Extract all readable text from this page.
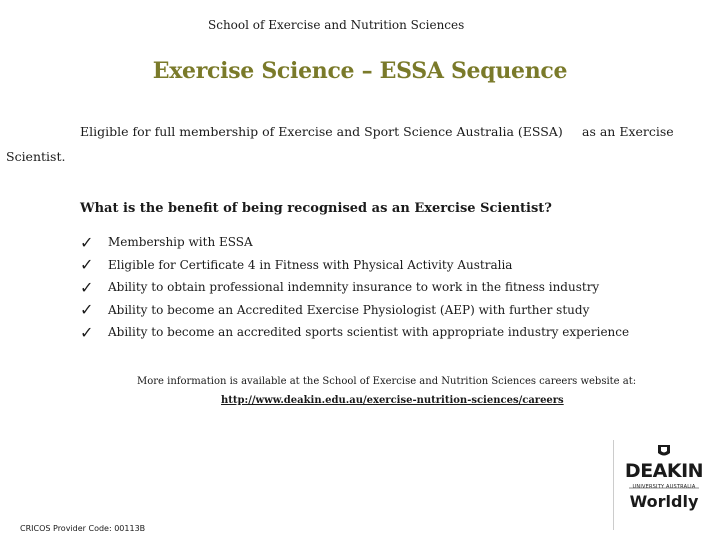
School of Exercise and Nutrition Sciences
Exercise Science – ESSA Sequence
Eligible for full membership of Exercise and Sport Science Australia (ESSA) as an Exercise
Scientist.
What is the benefit of being recognised as an Exercise Scientist?
✓	Membership with ESSA
✓	Eligible for Certificate 4 in Fitness with Physical Activity Australia
✓	Ability to obtain professional indemnity insurance to work in the fitness industry
✓	Ability to become an Accredited Exercise Physiologist (AEP) with further study
✓	Ability to become an accredited sports scientist with appropriate industry experience
More information is available at the School of Exercise and Nutrition Sciences careers website at:
http://www.deakin.edu.au/exercise-nutrition-sciences/careers
DEAKIN
UNIVERSITY AUSTRALIA
Worldly
CRICOS Provider Code: 00113B
